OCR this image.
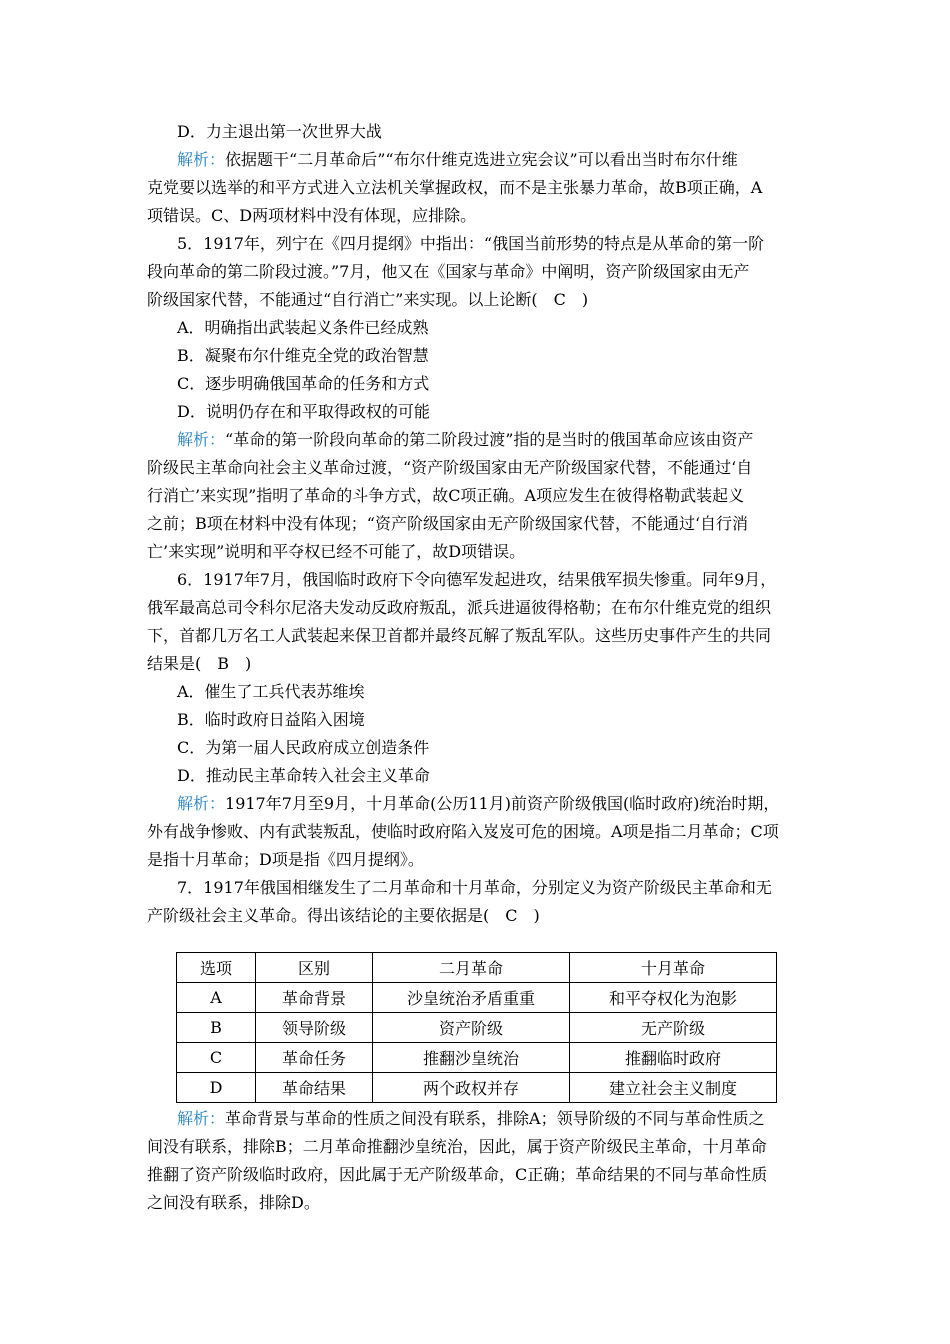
D．力主退出第一次世界大战
解析：依据题干“二月革命后”“布尔什维克选进立宪会议”可以看出当时布尔什维
克党要以选举的和平方式进入立法机关掌握政权，而不是主张暴力革命，故B项正确，A
项错误。C、D两项材料中没有体现，应排除。
5．1917年，列宁在《四月提纲》中指出：“俄国当前形势的特点是从革命的第一阶
段向革命的第二阶段过渡。”7月，他又在《国家与革命》中阐明，资产阶级国家由无产
阶级国家代替，不能通过“自行消亡”来实现。以上论断(　C　)
A．明确指出武装起义条件已经成熟
B．凝聚布尔什维克全党的政治智慧
C．逐步明确俄国革命的任务和方式
D．说明仍存在和平取得政权的可能
解析：“革命的第一阶段向革命的第二阶段过渡”指的是当时的俄国革命应该由资产
阶级民主革命向社会主义革命过渡，“资产阶级国家由无产阶级国家代替，不能通过‘自
行消亡’来实现”指明了革命的斗争方式，故C项正确。A项应发生在彼得格勒武装起义
之前；B项在材料中没有体现；“资产阶级国家由无产阶级国家代替，不能通过‘自行消
亡’来实现”说明和平夺权已经不可能了，故D项错误。
6．1917年7月，俄国临时政府下令向德军发起进攻，结果俄军损失惨重。同年9月，
俄军最高总司令科尔尼洛夫发动反政府叛乱，派兵进逼彼得格勒；在布尔什维克党的组织
下，首都几万名工人武装起来保卫首都并最终瓦解了叛乱军队。这些历史事件产生的共同
结果是(　B　)
A．催生了工兵代表苏维埃
B．临时政府日益陷入困境
C．为第一届人民政府成立创造条件
D．推动民主革命转入社会主义革命
解析：1917年7月至9月，十月革命(公历11月)前资产阶级俄国(临时政府)统治时期，
外有战争惨败、内有武装叛乱，使临时政府陷入岌岌可危的困境。A项是指二月革命；C项
是指十月革命；D项是指《四月提纲》。
7．1917年俄国相继发生了二月革命和十月革命，分别定义为资产阶级民主革命和无
产阶级社会主义革命。得出该结论的主要依据是(　C　)
选项	区别	二月革命	十月革命
A	革命背景	沙皇统治矛盾重重	和平夺权化为泡影
B	领导阶级	资产阶级	无产阶级
C	革命任务	推翻沙皇统治	推翻临时政府
D	革命结果	两个政权并存	建立社会主义制度
解析：革命背景与革命的性质之间没有联系，排除A；领导阶级的不同与革命性质之
间没有联系，排除B；二月革命推翻沙皇统治，因此，属于资产阶级民主革命，十月革命
推翻了资产阶级临时政府，因此属于无产阶级革命，C正确；革命结果的不同与革命性质
之间没有联系，排除D。
